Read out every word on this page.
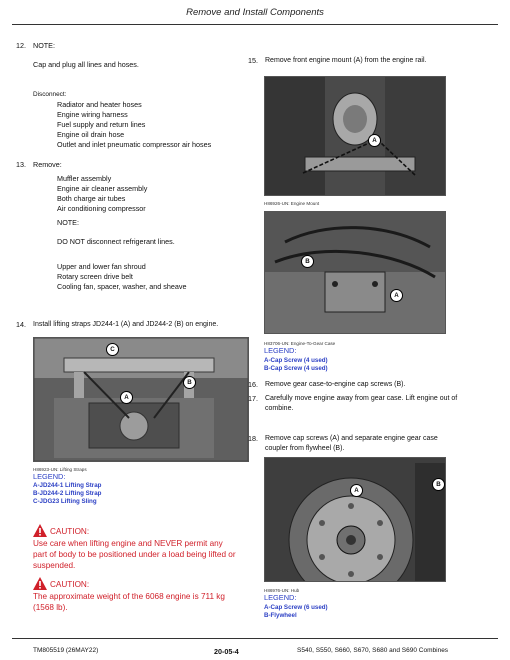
Remove and Install Components
12. NOTE:
Cap and plug all lines and hoses.
Disconnect:
Radiator and heater hoses
Engine wiring harness
Fuel supply and return lines
Engine oil drain hose
Outlet and inlet pneumatic compressor air hoses
13. Remove:
Muffler assembly
Engine air cleaner assembly
Both charge air tubes
Air conditioning compressor
NOTE:
DO NOT disconnect refrigerant lines.
Upper and lower fan shroud
Rotary screen drive belt
Cooling fan, spacer, washer, and sheave
14. Install lifting straps JD244-1 (A) and JD244-2 (B) on engine.
C
B
A
H86923-UN: Lifting Straps
LEGEND:
A-JD244-1 Lifting Strap
B-JD244-2 Lifting Strap
C-JDG23 Lifting Sling
CAUTION:
Use care when lifting engine and NEVER permit any
part of body to be positioned under a load being lifted or
suspended.
CAUTION:
The approximate weight of the 6068 engine is 711 kg
(1568 lb).
15. Remove front engine mount (A) from the engine rail.
A
H86926-UN: Engine Mount
B
A
H83706-UN: Engine-To-Gear Case
LEGEND:
A-Cap Screw (4 used)
B-Cap Screw (4 used)
16. Remove gear case-to-engine cap screws (B).
17. Carefully move engine away from gear case. Lift engine out of
combine.
18. Remove cap screws (A) and separate engine gear case
coupler from flywheel (B).
A
B
H86976-UN: Hub
LEGEND:
A-Cap Screw (6 used)
B-Flywheel
TM805519 (26MAY22)	20-05-4	S540, S550, S660, S670, S680 and S690 Combines
